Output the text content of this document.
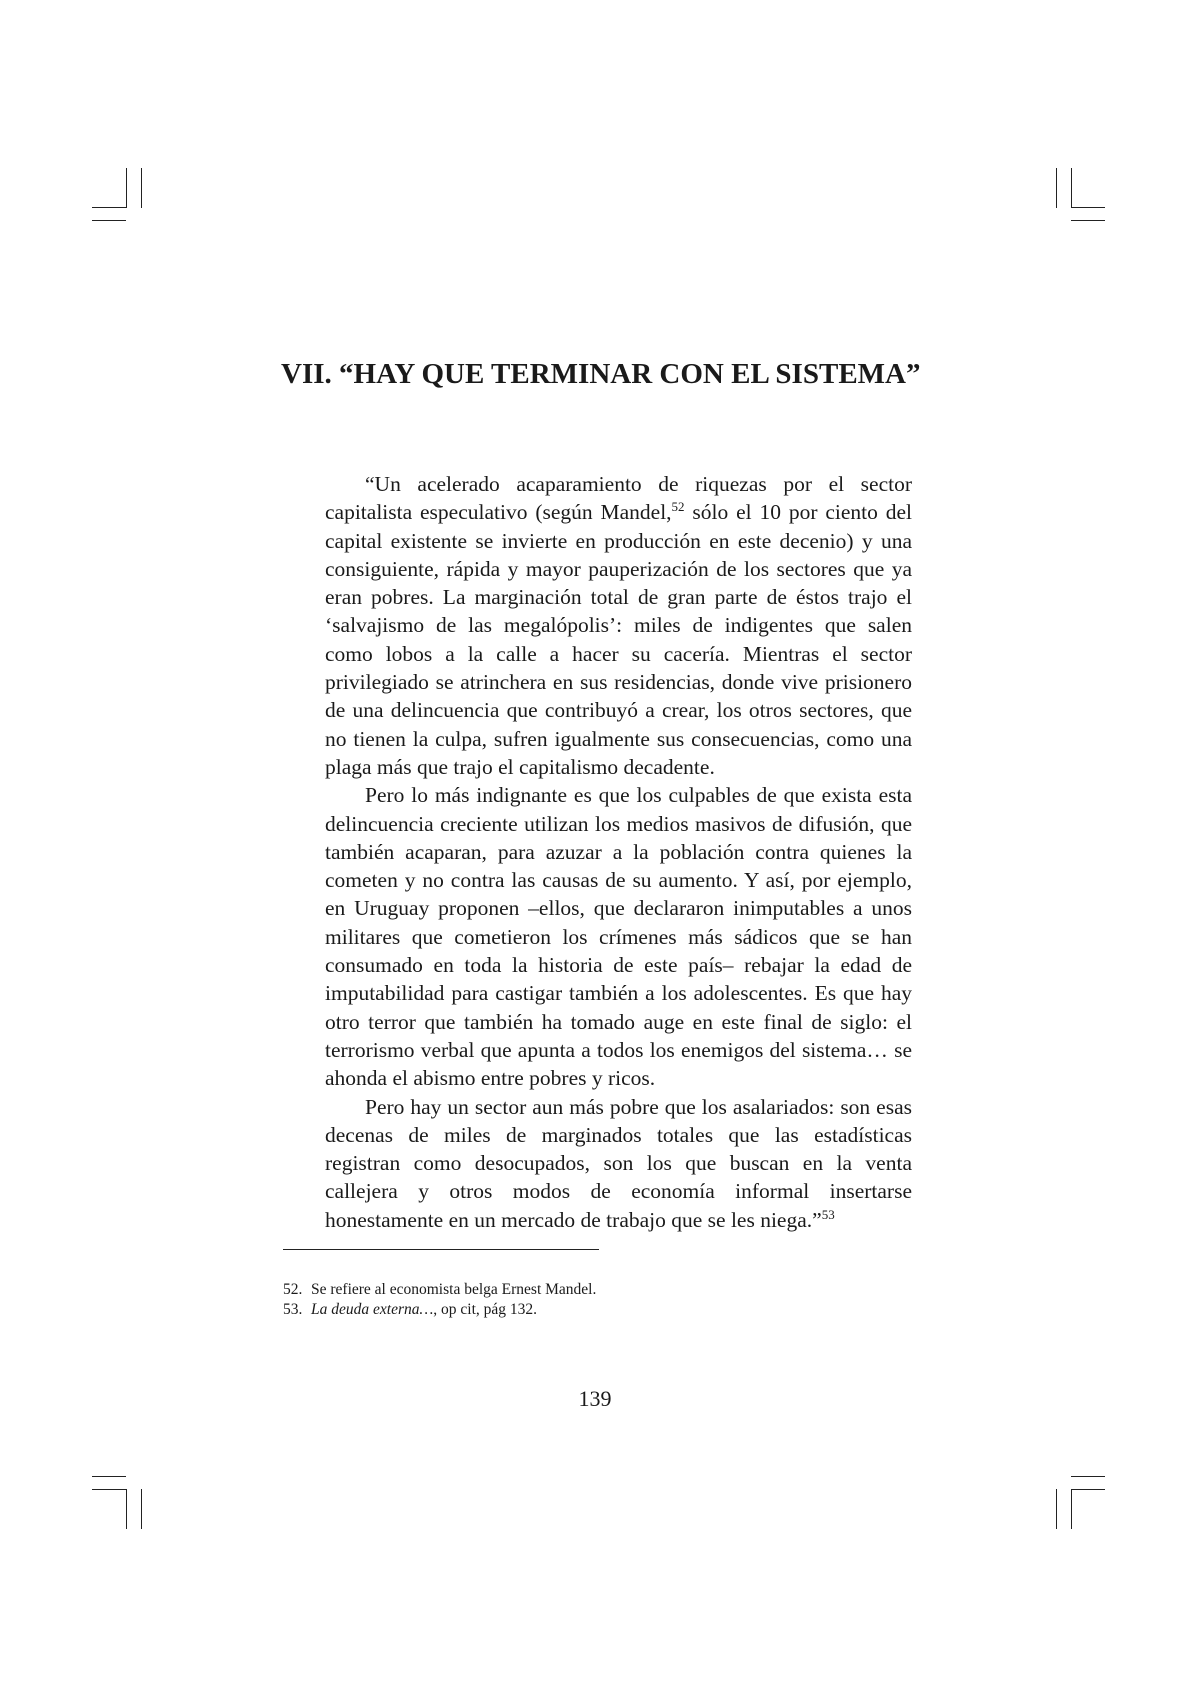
VII. “HAY QUE TERMINAR CON EL SISTEMA”

“Un acelerado acaparamiento de riquezas por el sector capitalista especulativo (según Mandel,$^{52}$ sólo el 10 por ciento del capital existente se invierte en producción en este decenio) y una consiguiente, rápida y mayor pauperización de los sectores que ya eran pobres. La marginación total de gran parte de éstos trajo el ‘salvajismo de las megalópolis’: miles de indigentes que salen como lobos a la calle a hacer su cacería. Mientras el sector privilegiado se atrinchera en sus residencias, donde vive prisionero de una delincuencia que contribuyó a crear, los otros sectores, que no tienen la culpa, sufren igualmente sus consecuencias, como una plaga más que trajo el capitalismo decadente.

Pero lo más indignante es que los culpables de que exista esta delincuencia creciente utilizan los medios masivos de difusión, que también acaparan, para azuzar a la población contra quienes la cometen y no contra las causas de su aumento. Y así, por ejemplo, en Uruguay proponen –ellos, que declararon inimputables a unos militares que cometieron los crímenes más sádicos que se han consumado en toda la historia de este país– rebajar la edad de imputabilidad para castigar también a los adolescentes. Es que hay otro terror que también ha tomado auge en este final de siglo: el terrorismo verbal que apunta a todos los enemigos del sistema… se ahonda el abismo entre pobres y ricos.

Pero hay un sector aun más pobre que los asalariados: son esas decenas de miles de marginados totales que las estadísticas registran como desocupados, son los que buscan en la venta callejera y otros modos de economía informal insertarse honestamente en un mercado de trabajo que se les niega.”$^{53}$

52. Se refiere al economista belga Ernest Mandel.
53. La deuda externa…, op cit, pág 132.
139
